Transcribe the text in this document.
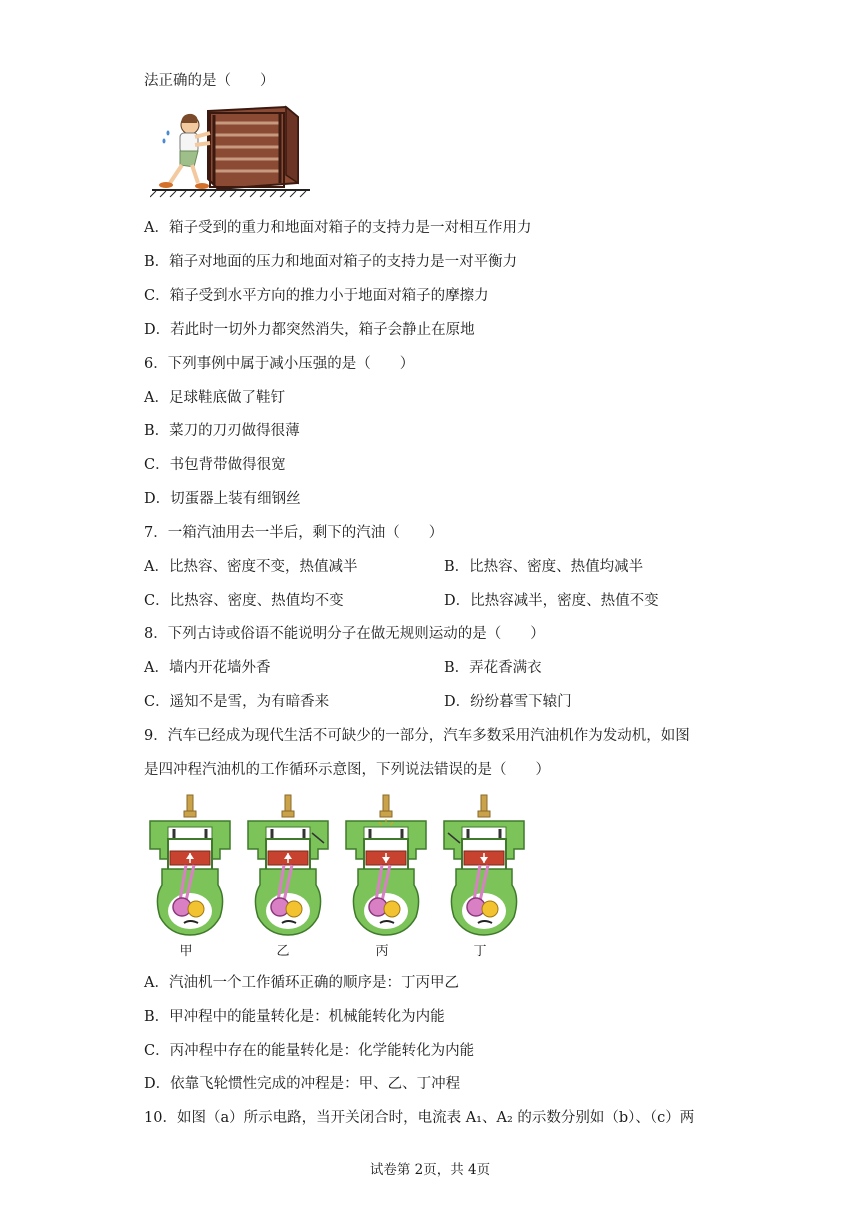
法正确的是（　　）
A．箱子受到的重力和地面对箱子的支持力是一对相互作用力
B．箱子对地面的压力和地面对箱子的支持力是一对平衡力
C．箱子受到水平方向的推力小于地面对箱子的摩擦力
D．若此时一切外力都突然消失，箱子会静止在原地
6．下列事例中属于减小压强的是（　　）
A．足球鞋底做了鞋钉
B．菜刀的刀刃做得很薄
C．书包背带做得很宽
D．切蛋器上装有细钢丝
7．一箱汽油用去一半后，剩下的汽油（　　）
A．比热容、密度不变，热值减半	B．比热容、密度、热值均减半
C．比热容、密度、热值均不变	D．比热容减半，密度、热值不变
8．下列古诗或俗语不能说明分子在做无规则运动的是（　　）
A．墙内开花墙外香	B．弄花香满衣
C．遥知不是雪，为有暗香来	D．纷纷暮雪下辕门
9．汽车已经成为现代生活不可缺少的一部分，汽车多数采用汽油机作为发动机，如图
是四冲程汽油机的工作循环示意图，下列说法错误的是（　　）
甲	乙	丙	丁
A．汽油机一个工作循环正确的顺序是：丁丙甲乙
B．甲冲程中的能量转化是：机械能转化为内能
C．丙冲程中存在的能量转化是：化学能转化为内能
D．依靠飞轮惯性完成的冲程是：甲、乙、丁冲程
10．如图（a）所示电路，当开关闭合时，电流表 A₁、A₂ 的示数分别如（b）、（c）两
试卷第 2页，共 4页
